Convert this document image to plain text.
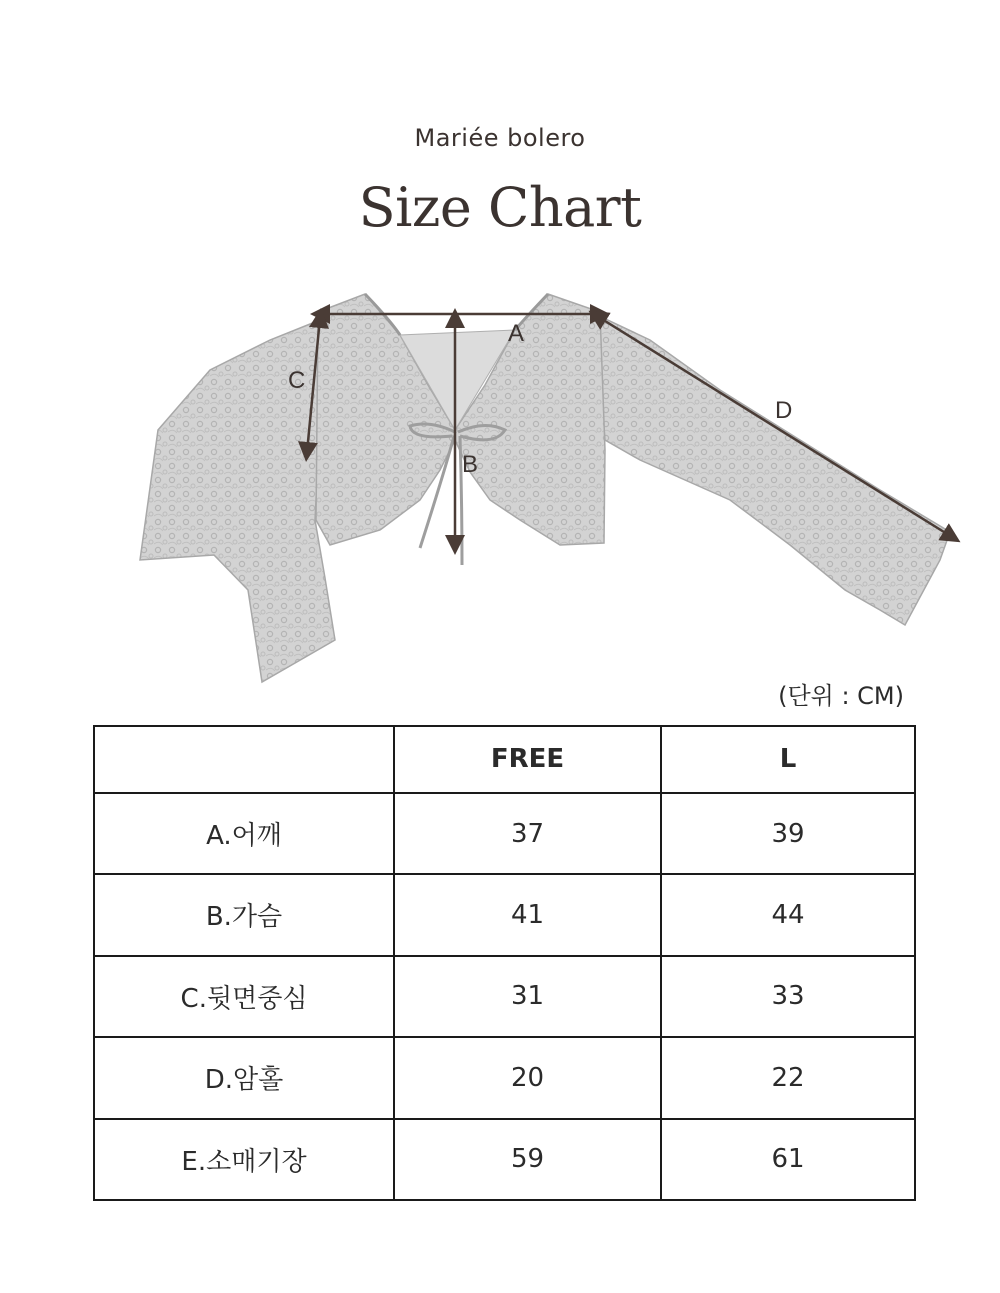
Mariée bolero
Size Chart
A
B
C
D
(단위 : CM)
	FREE	L
A.어깨	37	39
B.가슴	41	44
C.뒷면중심	31	33
D.암홀	20	22
E.소매기장	59	61
